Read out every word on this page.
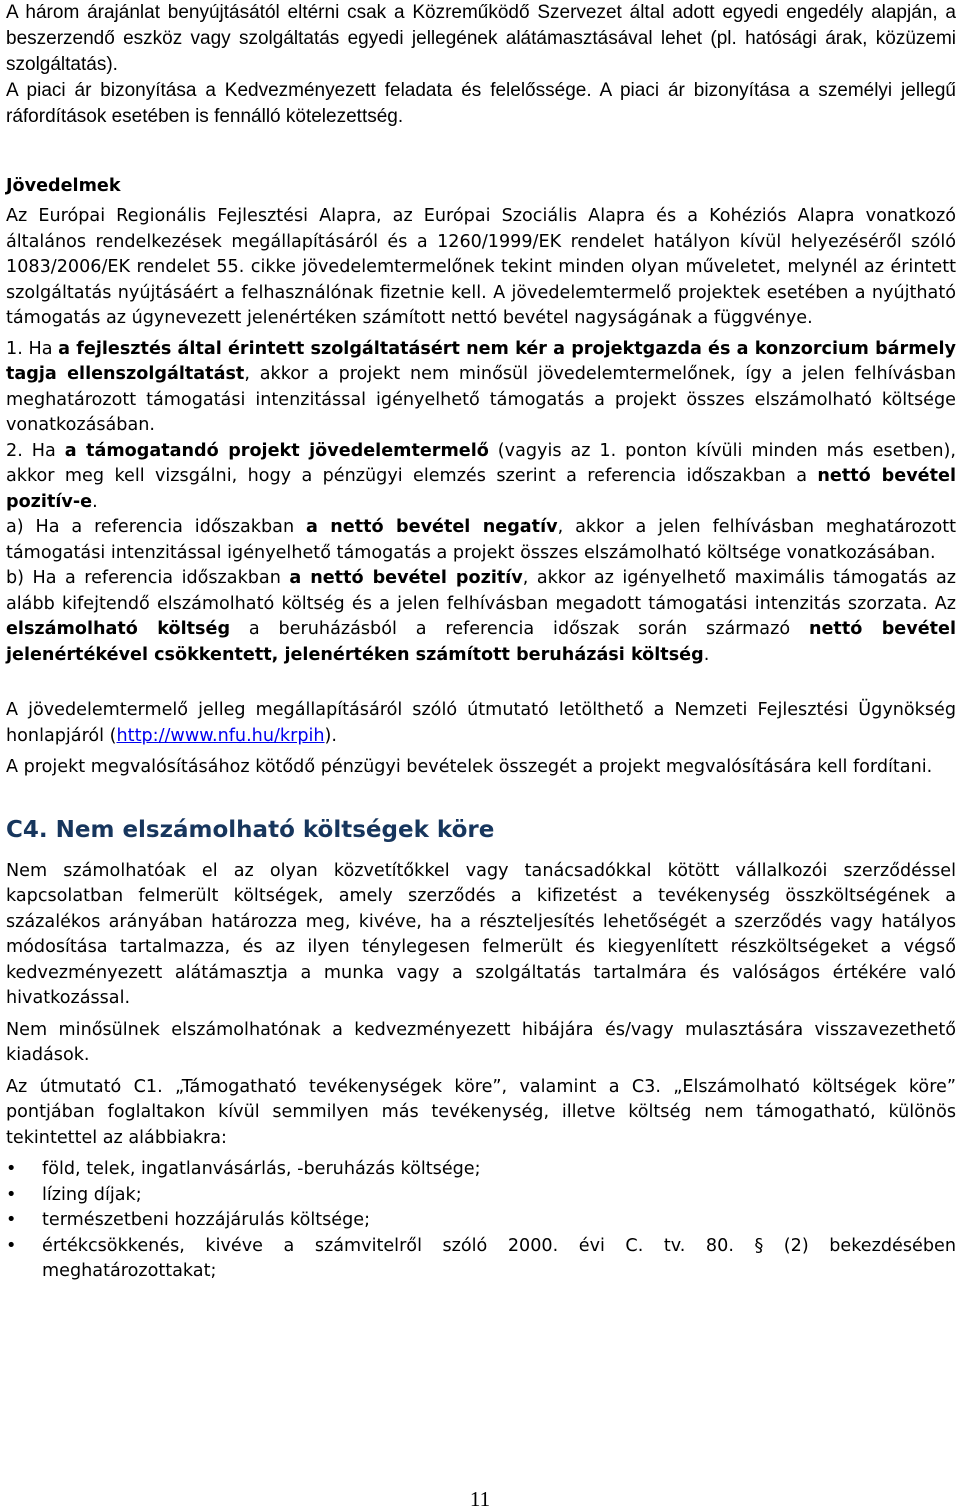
A három árajánlat benyújtásától eltérni csak a Közreműködő Szervezet által adott egyedi engedély alapján, a beszerzendő eszköz vagy szolgáltatás egyedi jellegének alátámasztásával lehet (pl. hatósági árak, közüzemi szolgáltatás).

A piaci ár bizonyítása a Kedvezményezett feladata és felelőssége. A piaci ár bizonyítása a személyi jellegű ráfordítások esetében is fennálló kötelezettség.

Jövedelmek

Az Európai Regionális Fejlesztési Alapra, az Európai Szociális Alapra és a Kohéziós Alapra vonatkozó általános rendelkezések megállapításáról és a 1260/1999/EK rendelet hatályon kívül helyezéséről szóló 1083/2006/EK rendelet 55. cikke jövedelemtermelőnek tekint minden olyan műveletet, melynél az érintett szolgáltatás nyújtásáért a felhasználónak fizetnie kell. A jövedelemtermelő projektek esetében a nyújtható támogatás az úgynevezett jelenértéken számított nettó bevétel nagyságának a függvénye.

1. Ha a fejlesztés által érintett szolgáltatásért nem kér a projektgazda és a konzorcium bármely tagja ellenszolgáltatást, akkor a projekt nem minősül jövedelemtermelőnek, így a jelen felhívásban meghatározott támogatási intenzitással igényelhető támogatás a projekt összes elszámolható költsége vonatkozásában.

2. Ha a támogatandó projekt jövedelemtermelő (vagyis az 1. ponton kívüli minden más esetben), akkor meg kell vizsgálni, hogy a pénzügyi elemzés szerint a referencia időszakban a nettó bevétel pozitív-e.

a) Ha a referencia időszakban a nettó bevétel negatív, akkor a jelen felhívásban meghatározott támogatási intenzitással igényelhető támogatás a projekt összes elszámolható költsége vonatkozásában.

b) Ha a referencia időszakban a nettó bevétel pozitív, akkor az igényelhető maximális támogatás az alább kifejtendő elszámolható költség és a jelen felhívásban megadott támogatási intenzitás szorzata. Az elszámolható költség a beruházásból a referencia időszak során származó nettó bevétel jelenértékével csökkentett, jelenértéken számított beruházási költség.

A jövedelemtermelő jelleg megállapításáról szóló útmutató letölthető a Nemzeti Fejlesztési Ügynökség honlapjáról (http://www.nfu.hu/krpih).

A projekt megvalósításához kötődő pénzügyi bevételek összegét a projekt megvalósítására kell fordítani.

C4. Nem elszámolható költségek köre

Nem számolhatóak el az olyan közvetítőkkel vagy tanácsadókkal kötött vállalkozói szerződéssel kapcsolatban felmerült költségek, amely szerződés a kifizetést a tevékenység összköltségének a százalékos arányában határozza meg, kivéve, ha a részteljesítés lehetőségét a szerződés vagy hatályos módosítása tartalmazza, és az ilyen ténylegesen felmerült és kiegyenlített részköltségeket a végső kedvezményezett alátámasztja a munka vagy a szolgáltatás tartalmára és valóságos értékére való hivatkozással.

Nem minősülnek elszámolhatónak a kedvezményezett hibájára és/vagy mulasztására visszavezethető kiadások.

Az útmutató C1. „Támogatható tevékenységek köre”, valamint a C3. „Elszámolható költségek köre” pontjában foglaltakon kívül semmilyen más tevékenység, illetve költség nem támogatható, különös tekintettel az alábbiakra:

• föld, telek, ingatlanvásárlás, -beruházás költsége;
• lízing díjak;
• természetbeni hozzájárulás költsége;
• értékcsökkenés, kivéve a számvitelről szóló 2000. évi C. tv. 80. § (2) bekezdésében meghatározottakat;
11
